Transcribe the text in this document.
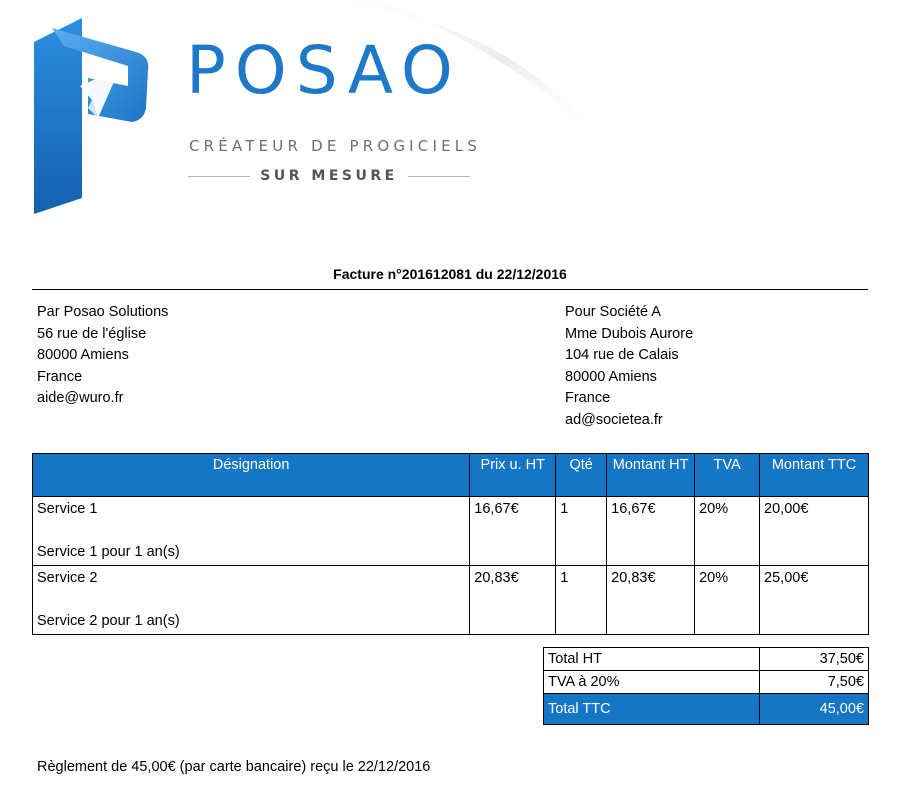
POSAO
CRÉATEUR DE PROGICIELS
SUR MESURE
Facture n°201612081 du 22/12/2016
Par Posao Solutions
56 rue de l'église
80000 Amiens
France
aide@wuro.fr
Pour Société A
Mme Dubois Aurore
104 rue de Calais
80000 Amiens
France
ad@societea.fr
Désignation	Prix u. HT	Qté	Montant HT	TVA	Montant TTC
Service 1
Service 1 pour 1 an(s)	16,67€	1	16,67€	20%	20,00€
Service 2
Service 2 pour 1 an(s)	20,83€	1	20,83€	20%	25,00€
Total HT	37,50€
TVA à 20%	7,50€
Total TTC	45,00€
Règlement de 45,00€ (par carte bancaire) reçu le 22/12/2016
